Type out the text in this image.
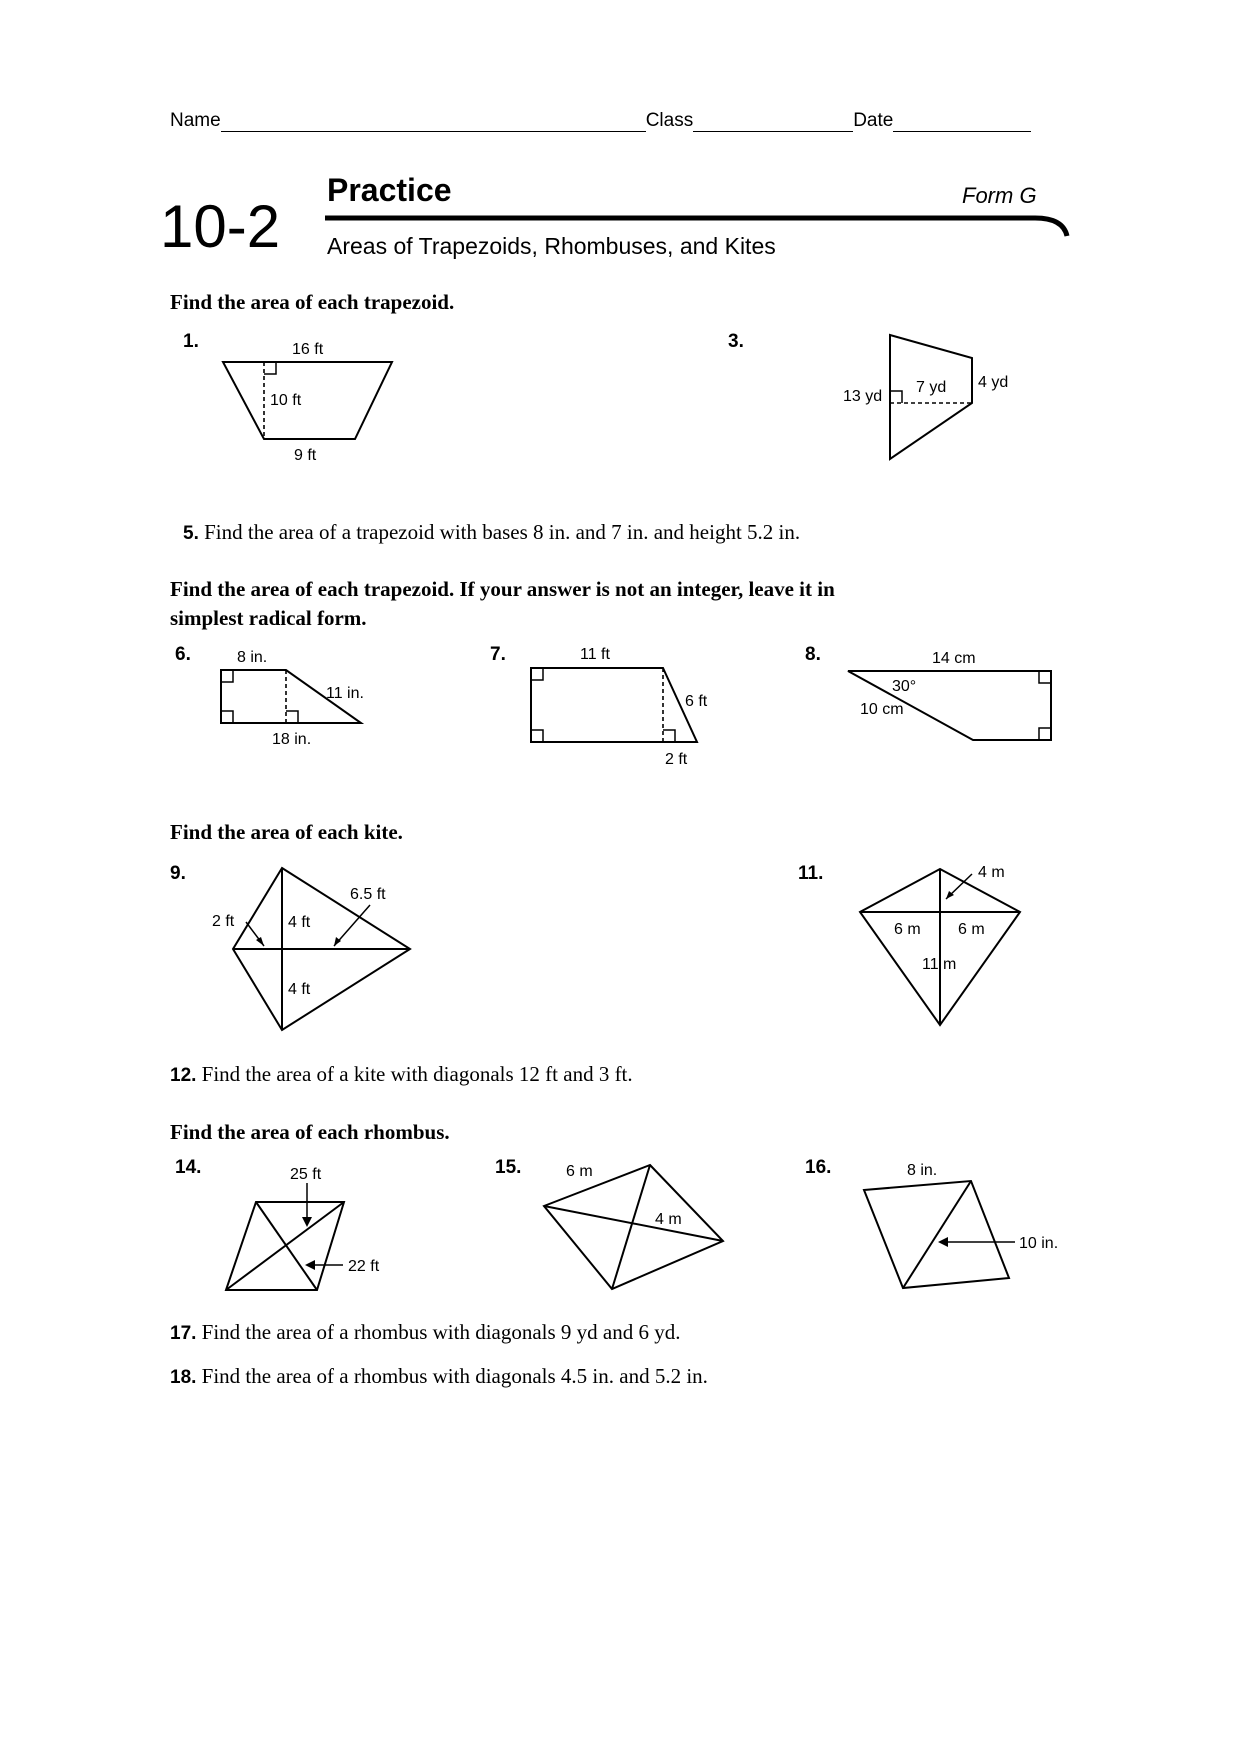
Name	Class	Date
10-2
Practice	Form G
Areas of Trapezoids, Rhombuses, and Kites
Find the area of each trapezoid.
1.	16 ft
10 ft
9 ft
3.
13 yd
7 yd 4 yd
5. Find the area of a trapezoid with bases 8 in. and 7 in. and height 5.2 in.
Find the area of each trapezoid. If your answer is not an integer, leave it in
simplest radical form.
6.	8 in.
11 in.
18 in.
7.	11 ft
6 ft
2 ft
8.	14 cm
30°
10 cm
Find the area of each kite.
9.
6.5 ft
2 ft	4 ft
4 ft
11.	4 m
6 m 6 m
11 m
12. Find the area of a kite with diagonals 12 ft and 3 ft.
Find the area of each rhombus.
14.	25 ft
22 ft
15.	6 m
4 m
16.	8 in.
10 in.
17. Find the area of a rhombus with diagonals 9 yd and 6 yd.
18. Find the area of a rhombus with diagonals 4.5 in. and 5.2 in.
